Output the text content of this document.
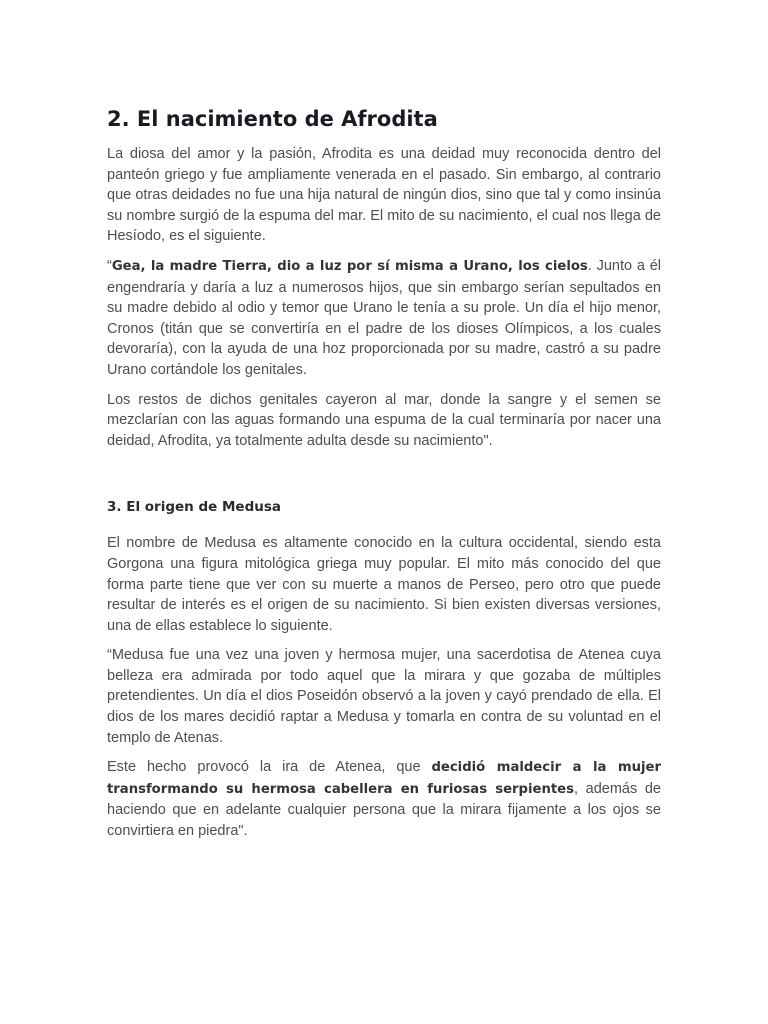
2. El nacimiento de Afrodita

La diosa del amor y la pasión, Afrodita es una deidad muy reconocida dentro del panteón griego y fue ampliamente venerada en el pasado. Sin embargo, al contrario que otras deidades no fue una hija natural de ningún dios, sino que tal y como insinúa su nombre surgió de la espuma del mar. El mito de su nacimiento, el cual nos llega de Hesíodo, es el siguiente.

“Gea, la madre Tierra, dio a luz por sí misma a Urano, los cielos. Junto a él engendraría y daría a luz a numerosos hijos, que sin embargo serían sepultados en su madre debido al odio y temor que Urano le tenía a su prole. Un día el hijo menor, Cronos (titán que se convertiría en el padre de los dioses Olímpicos, a los cuales devoraría), con la ayuda de una hoz proporcionada por su madre, castró a su padre Urano cortándole los genitales.

Los restos de dichos genitales cayeron al mar, donde la sangre y el semen se mezclarían con las aguas formando una espuma de la cual terminaría por nacer una deidad, Afrodita, ya totalmente adulta desde su nacimiento".

3. El origen de Medusa

El nombre de Medusa es altamente conocido en la cultura occidental, siendo esta Gorgona una figura mitológica griega muy popular. El mito más conocido del que forma parte tiene que ver con su muerte a manos de Perseo, pero otro que puede resultar de interés es el origen de su nacimiento. Si bien existen diversas versiones, una de ellas establece lo siguiente.

“Medusa fue una vez una joven y hermosa mujer, una sacerdotisa de Atenea cuya belleza era admirada por todo aquel que la mirara y que gozaba de múltiples pretendientes. Un día el dios Poseidón observó a la joven y cayó prendado de ella. El dios de los mares decidió raptar a Medusa y tomarla en contra de su voluntad en el templo de Atenas.

Este hecho provocó la ira de Atenea, que decidió maldecir a la mujer transformando su hermosa cabellera en furiosas serpientes, además de haciendo que en adelante cualquier persona que la mirara fijamente a los ojos se convirtiera en piedra".
